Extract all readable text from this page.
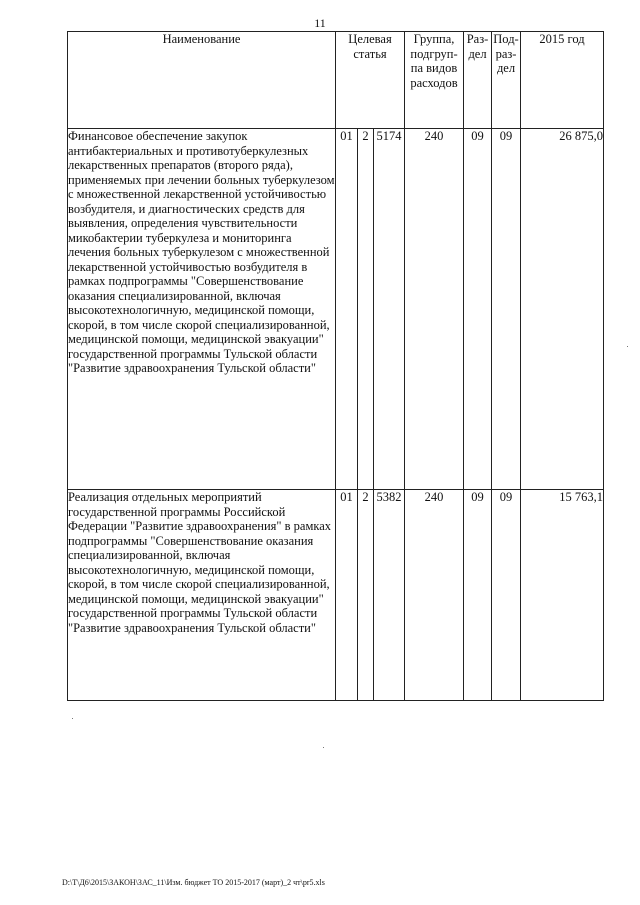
11
Наименование	Целевая статья			Группа, подгруп-па видов расходов	Раз-дел	Под-раз-дел	2015 год
Финансовое обеспечение закупок антибактериальных и противотуберкулезных лекарственных препаратов (второго ряда), применяемых при лечении больных туберкулезом с множественной лекарственной устойчивостью возбудителя, и диагностических средств для выявления, определения чувствительности микобактерии туберкулеза и мониторинга лечения больных туберкулезом с множественной лекарственной устойчивостью возбудителя в рамках подпрограммы "Совершенствование оказания специализированной, включая высокотехнологичную, медицинской помощи, скорой, в том числе скорой специализированной, медицинской помощи, медицинской эвакуации" государственной программы Тульской области "Развитие здравоохранения Тульской области"	01	2	5174	240	09	09	26 875,0
Реализация отдельных мероприятий государственной программы Российской Федерации "Развитие здравоохранения" в рамках подпрограммы "Совершенствование оказания специализированной, включая высокотехнологичную, медицинской помощи, скорой, в том числе скорой специализированной, медицинской помощи, медицинской эвакуации" государственной программы Тульской области "Развитие здравоохранения Тульской области"	01	2	5382	240	09	09	15 763,1
D:\Т\Д6\2015\ЗАКОН\ЗАС_11\Изм. бюджет ТО 2015-2017 (март)_2 чт\pr5.xls
